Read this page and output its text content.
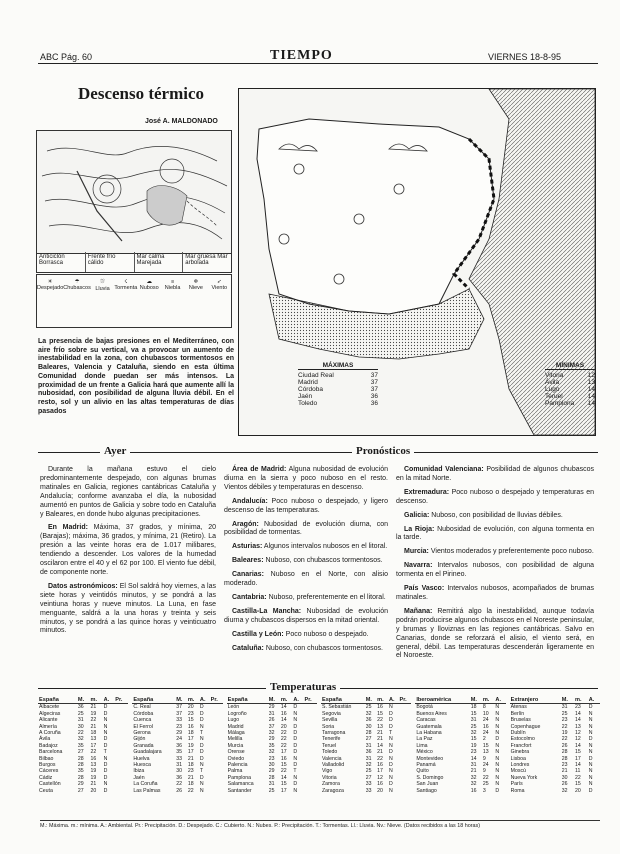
ABC Pág. 60	TIEMPO	VIERNES 18-8-95
Descenso térmico
José A. MALDONADO
Anticiclón Borrasca
Frente frío cálido
Mar calma Marejada
Mar gruesa Mar arbolada
☀
Despejado
☂
Chubascos
⛆
Lluvia
☇
Tormenta
☁
Nuboso
≡
Niebla
❄
Nieve
➶
Viento
La presencia de bajas presiones en el Mediterráneo, con aire frío sobre su vertical, va a provocar un aumento de inestabilidad en la zona, con chubascos tormentosos en Baleares, Valencia y Cataluña, siendo en esta última Comunidad donde puedan ser más intensos. La proximidad de un frente a Galicia hará que aumente allí la nubosidad, con posibilidad de alguna lluvia débil. En el resto, sol y un alivio en las altas temperaturas de días pasados
MÁXIMAS
Ciudad Real	37
Madrid	37
Córdoba	37
Jaén	36
Toledo	36
MÍNIMAS
Vitoria	12
Ávila	13
Lugo	14
Teruel	14
Pamplona 14
Ayer	Pronósticos

Durante la mañana estuvo el cielo predominantemente despejado, con algunas brumas matinales en Galicia, regiones cantábricas Cataluña y Andalucía; conforme avanzaba el día, la nubosidad aumentó en puntos de Galicia y sobre todo en Cataluña y Baleares, en donde hubo algunas precipitaciones.

En Madrid: Máxima, 37 grados, y mínima, 20 (Barajas); máxima, 36 grados, y mínima, 21 (Retiro). La presión a las veinte horas era de 1.017 milibares, tendiendo a descender. Los valores de la humedad oscilaron entre el 40 y el 62 por 100. El viento fue débil, de componente norte.

Datos astronómicos: El Sol saldrá hoy viernes, a las siete horas y veintidós minutos, y se pondrá a las veintiuna horas y nueve minutos. La Luna, en fase menguante, saldrá a la una horas y treinta y seis minutos, y se pondrá a las quince horas y veinticuatro minutos.

Área de Madrid: Alguna nubosidad de evolución diurna en la sierra y poco nuboso en el resto. Vientos débiles y temperaturas en descenso.

Andalucía: Poco nuboso o despejado, y ligero descenso de las temperaturas.

Aragón: Nubosidad de evolución diurna, con posibilidad de tormentas.

Asturias: Algunos intervalos nubosos en el litoral.

Baleares: Nuboso, con chubascos tormentosos.

Canarias: Nuboso en el Norte, con alisio moderado.

Cantabria: Nuboso, preferentemente en el litoral.

Castilla-La Mancha: Nubosidad de evolución diurna y chubascos dispersos en la mitad oriental.

Castilla y León: Poco nuboso o despejado.

Cataluña: Nuboso, con chubascos tormentosos.

Comunidad Valenciana: Posibilidad de algunos chubascos en la mitad Norte.

Extremadura: Poco nuboso o despejado y temperaturas en descenso.

Galicia: Nuboso, con posibilidad de lluvias débiles.

La Rioja: Nubosidad de evolución, con alguna tormenta en la tarde.

Murcia: Vientos moderados y preferentemente poco nuboso.

Navarra: Intervalos nubosos, con posibilidad de alguna tormenta en el Pirineo.

País Vasco: Intervalos nubosos, acompañados de brumas matinales.

Mañana: Remitirá algo la inestabilidad, aunque todavía podrán producirse algunos chubascos en el Noreste peninsular, y brumas y lloviznas en las regiones cantábricas. Salvo en Canarias, donde se reforzará el alisio, el viento será, en general, débil. Las temperaturas descenderán ligeramente en el Noroeste.

Temperaturas
España	M.	m.	A.	Pr.
Albacete	36	21	D	
Algeciras	25	19	D	
Alicante	31	22	N	
Almería	30	21	N	
A Coruña	22	18	N	
Ávila	32	13	D	
Badajoz	35	17	D	
Barcelona	27	22	T	
Bilbao	28	16	N	
Burgos	28	13	D	
Cáceres	35	19	D	
Cádiz	28	19	D	
Castellón	29	21	N	
Ceuta	27	20	D	
España	M.	m.	A.	Pr.
C. Real	37	20	D	
Córdoba	37	23	D	
Cuenca	33	15	D	
El Ferrol	23	16	N	
Gerona	29	18	T	
Gijón	24	17	N	
Granada	36	19	D	
Guadalajara	35	17	D	
Huelva	33	21	D	
Huesca	31	18	N	
Ibiza	30	23	T	
Jaén	36	21	D	
La Coruña	22	18	N	
Las Palmas	26	22	N	
España	M.	m.	A.	Pr.
León	29	14	D	
Logroño	31	16	N	
Lugo	26	14	N	
Madrid	37	20	D	
Málaga	32	22	D	
Melilla	29	22	D	
Murcia	35	22	D	
Orense	32	17	D	
Oviedo	23	16	N	
Palencia	30	15	D	
Palma	29	22	T	
Pamplona	28	14	N	
Salamanca	31	15	D	
Santander	25	17	N	
España	M.	m.	A.	Pr.
S. Sebastián	25	16	N	
Segovia	32	15	D	
Sevilla	36	22	D	
Soria	30	13	D	
Tarragona	28	21	T	
Tenerife	27	21	N	
Teruel	31	14	N	
Toledo	36	21	D	
Valencia	31	22	N	
Valladolid	32	16	D	
Vigo	25	17	N	
Vitoria	27	12	N	
Zamora	33	16	D	
Zaragoza	33	20	N	
Iberoamérica	M.	m.	A.
Bogotá	18	8	N
Buenos Aires	15	10	N
Caracas	31	24	N
Guatemala	25	16	N
La Habana	32	24	N
La Paz	15	2	D
Lima	19	15	N
México	23	13	N
Montevideo	14	9	N
Panamá	31	24	N
Quito	21	9	N
S. Domingo	32	22	N
San Juan	32	25	N
Santiago	16	3	D
Extranjero	M.	m.	A.
Atenas	31	23	D
Berlín	25	14	N
Bruselas	23	14	N
Copenhague	22	13	N
Dublín	19	12	N
Estocolmo	22	12	D
Francfort	26	14	N
Ginebra	28	15	N
Lisboa	28	17	D
Londres	23	14	N
Moscú	21	11	N
Nueva York	30	22	N
París	26	15	N
Roma	32	20	D
M.: Máxima. m.: mínima. A.: Ambiental. Pr.: Precipitación. D.: Despejado. C.: Cubierto. N.: Nubes. P.: Precipitación. T.: Tormentas. Ll.: Lluvia. Nv.: Nieve. (Datos recibidos a las 18 horas)
